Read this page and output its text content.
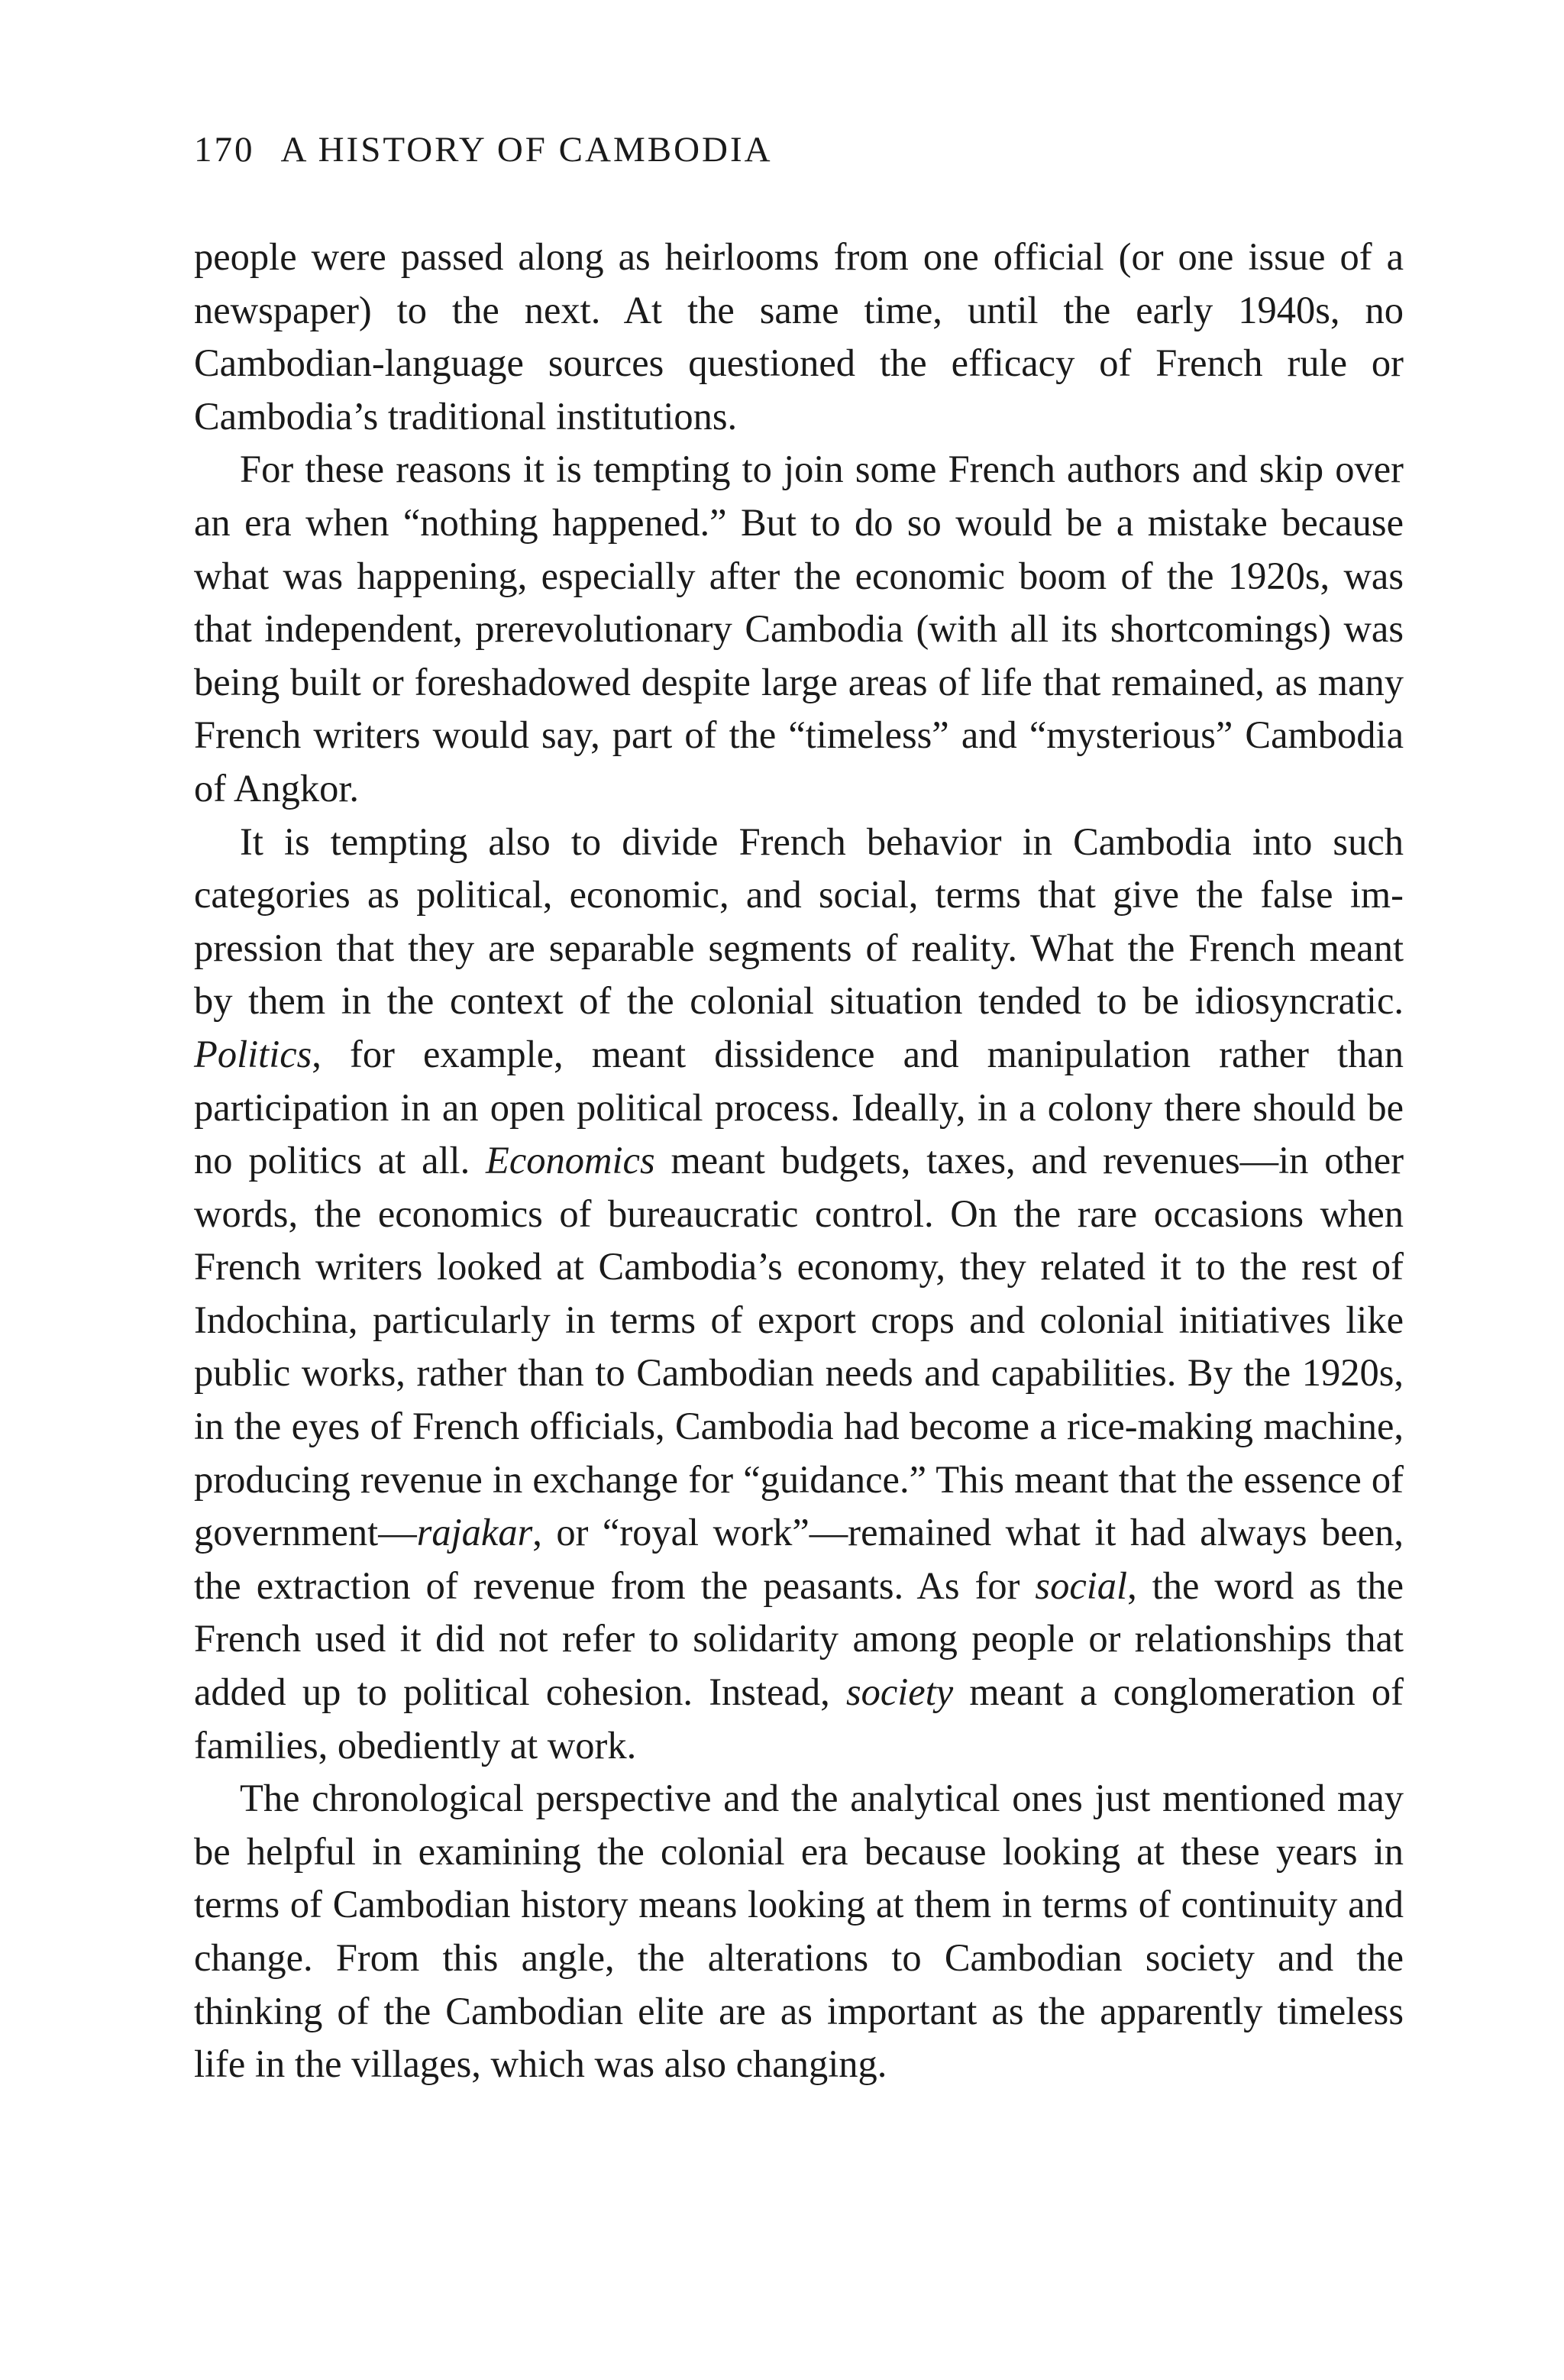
170 A HISTORY OF CAMBODIA

people were passed along as heirlooms from one official (or one issue of a newspaper) to the next. At the same time, until the early 1940s, no Cambodian-language sources questioned the efficacy of French rule or Cambodia’s traditional institutions.

For these reasons it is tempting to join some French authors and skip over an era when “nothing happened.” But to do so would be a mistake because what was happening, especially after the economic boom of the 1920s, was that independent, prerevolutionary Cambodia (with all its shortcomings) was being built or foreshadowed despite large areas of life that remained, as many French writers would say, part of the “timeless” and “mysterious” Cambodia of Angkor.

It is tempting also to divide French behavior in Cambodia into such categories as political, economic, and social, terms that give the false impression that they are separable segments of reality. What the French meant by them in the context of the colonial situation tended to be idiosyncratic. Politics, for example, meant dissidence and manipulation rather than participation in an open political process. Ideally, in a colony there should be no politics at all. Economics meant budgets, taxes, and revenues—in other words, the economics of bureaucratic control. On the rare occasions when French writers looked at Cambodia’s economy, they related it to the rest of Indochina, particularly in terms of export crops and colonial initiatives like public works, rather than to Cambodian needs and capabilities. By the 1920s, in the eyes of French officials, Cambodia had become a rice-making machine, producing revenue in exchange for “guidance.” This meant that the essence of government—rajakar, or “royal work”—remained what it had always been, the extraction of revenue from the peasants. As for social, the word as the French used it did not refer to solidarity among people or relationships that added up to political cohesion. Instead, society meant a conglomeration of families, obediently at work.

The chronological perspective and the analytical ones just mentioned may be helpful in examining the colonial era because looking at these years in terms of Cambodian history means looking at them in terms of continuity and change. From this angle, the alterations to Cambodian society and the thinking of the Cambodian elite are as important as the apparently timeless life in the villages, which was also changing.
